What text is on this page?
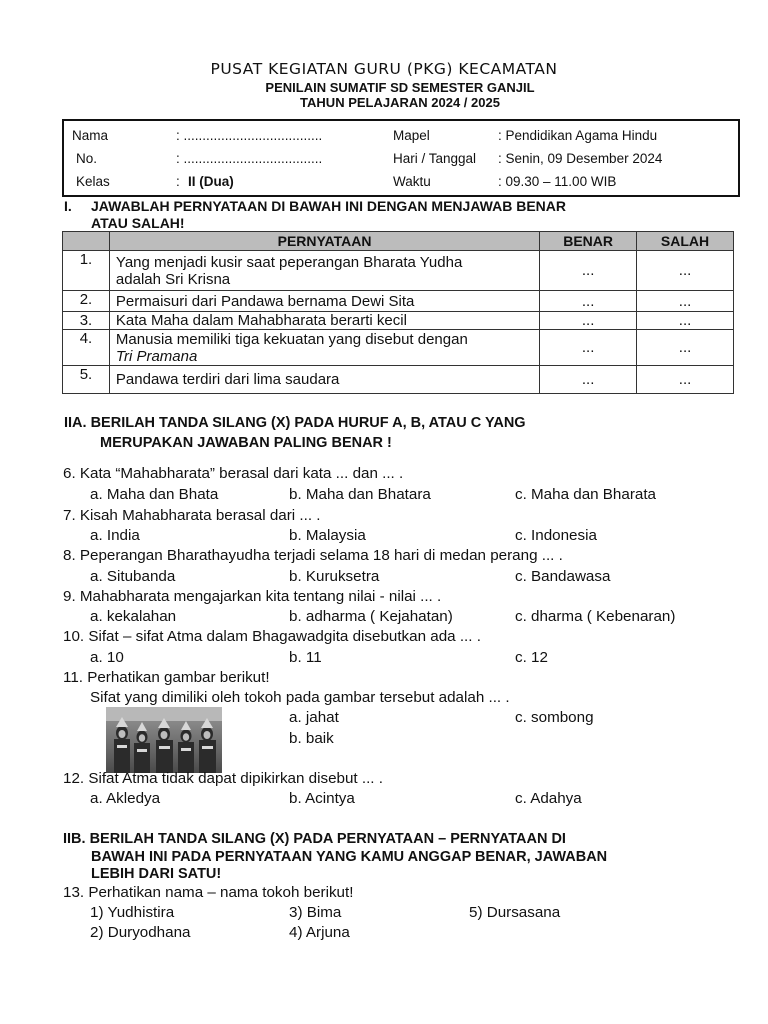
PUSAT KEGIATAN GURU (PKG) KECAMATAN
PENILAIN SUMATIF SD SEMESTER GANJIL
TAHUN PELAJARAN 2024 / 2025
Nama	: .....................................
No.	: .....................................
Kelas	: II (Dua)
Mapel	: Pendidikan Agama Hindu
Hari / Tanggal : Senin, 09 Desember 2024
Waktu	: 09.30 – 11.00 WIB
I. JAWABLAH PERNYATAAN DI BAWAH INI DENGAN MENJAWAB BENAR
ATAU SALAH!
	PERNYATAAN	BENAR	SALAH
1.	Yang menjadi kusir saat peperangan Bharata Yudha
adalah Sri Krisna	...	...
2.	Permaisuri dari Pandawa bernama Dewi Sita	...	...
3.	Kata Maha dalam Mahabharata berarti kecil	...	...
4.	Manusia memiliki tiga kekuatan yang disebut dengan
Tri Pramana	...	...
5.	Pandawa terdiri dari lima saudara	...	...
IIA. BERILAH TANDA SILANG (X) PADA HURUF A, B, ATAU C YANG
MERUPAKAN JAWABAN PALING BENAR !
6. Kata “Mahabharata” berasal dari kata ... dan ... .
a. Maha dan Bhata	b. Maha dan Bhatara	c. Maha dan Bharata
7. Kisah Mahabharata berasal dari ... .
a. India	b. Malaysia	c. Indonesia
8. Peperangan Bharathayudha terjadi selama 18 hari di medan perang ... .
a. Situbanda	b. Kuruksetra	c. Bandawasa
9. Mahabharata mengajarkan kita tentang nilai - nilai ... .
a. kekalahan	b. adharma ( Kejahatan)	c. dharma ( Kebenaran)
10. Sifat – sifat Atma dalam Bhagawadgita disebutkan ada ... .
a. 10	b. 11	c. 12
11. Perhatikan gambar berikut!
Sifat yang dimiliki oleh tokoh pada gambar tersebut adalah ... .
a. jahat	c. sombong
b. baik
12. Sifat Atma tidak dapat dipikirkan disebut ... .
a. Akledya	b. Acintya	c. Adahya
IIB. BERILAH TANDA SILANG (X) PADA PERNYATAAN – PERNYATAAN DI
BAWAH INI PADA PERNYATAAN YANG KAMU ANGGAP BENAR, JAWABAN
LEBIH DARI SATU!
13. Perhatikan nama – nama tokoh berikut!
1) Yudhistira
2) Duryodhana
3) Bima
4) Arjuna
5) Dursasana
